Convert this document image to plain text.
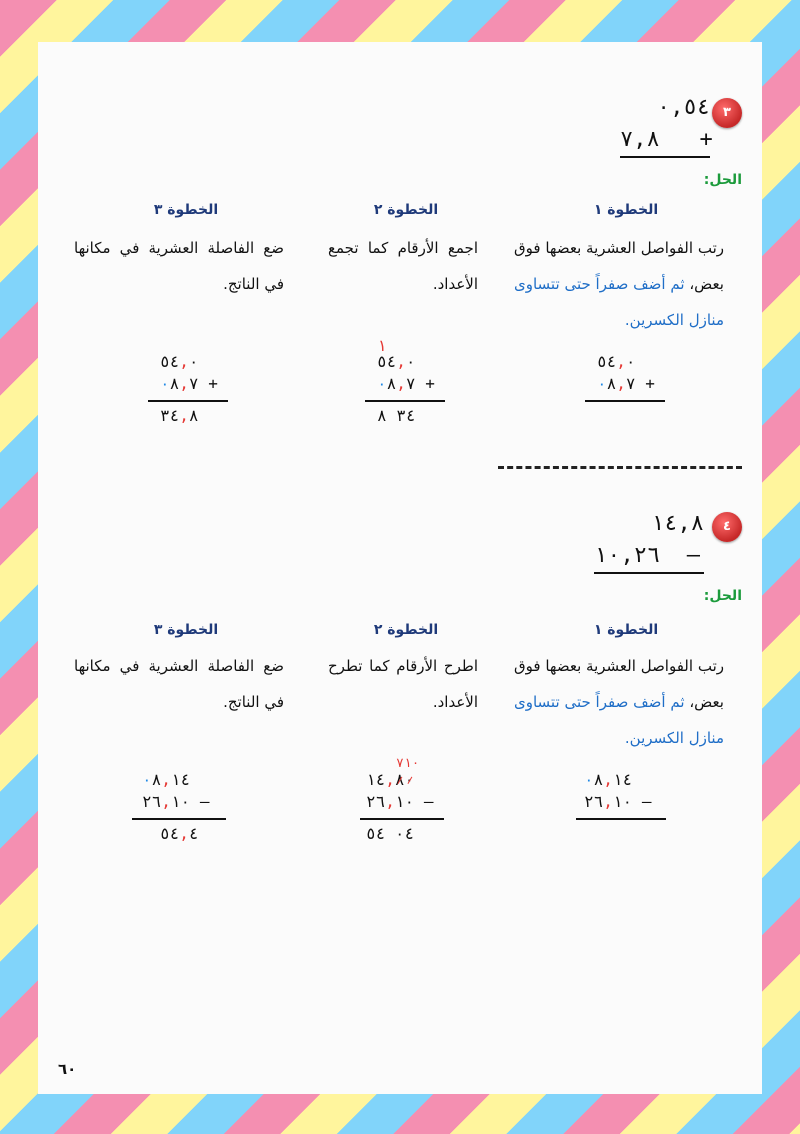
٣
٠,٥٤
٧,٨ +
الحل:
الخطوة ١
الخطوة ٢
الخطوة ٣
رتب الفواصل العشرية بعضها فوق بعض، ثم أضف صفراً حتى تتساوى منازل الكسرين.
اجمع الأرقام كما تجمع الأعداد.
ضع الفاصلة العشرية في مكانها في الناتج.
٥٤,٠
٠٨,٧ +
١
٥٤,٠
٠٨,٧ +
٣٤ ٨
٥٤,٠
٠٨,٧ +
٣٤,٨
٤
١٤,٨
١٠,٢٦ –
الحل:
الخطوة ١
الخطوة ٢
الخطوة ٣
رتب الفواصل العشرية بعضها فوق بعض، ثم أضف صفراً حتى تتساوى منازل الكسرين.
اطرح الأرقام كما تطرح الأعداد.
ضع الفاصلة العشرية في مكانها في الناتج.
٠٨,١٤
٢٦,١٠ –
٧١٠
٠٨,١٤
٢٦,١٠ –
٠٤ ٥٤
٠٨,١٤
٢٦,١٠ –
٥٤,٤
٦٠
